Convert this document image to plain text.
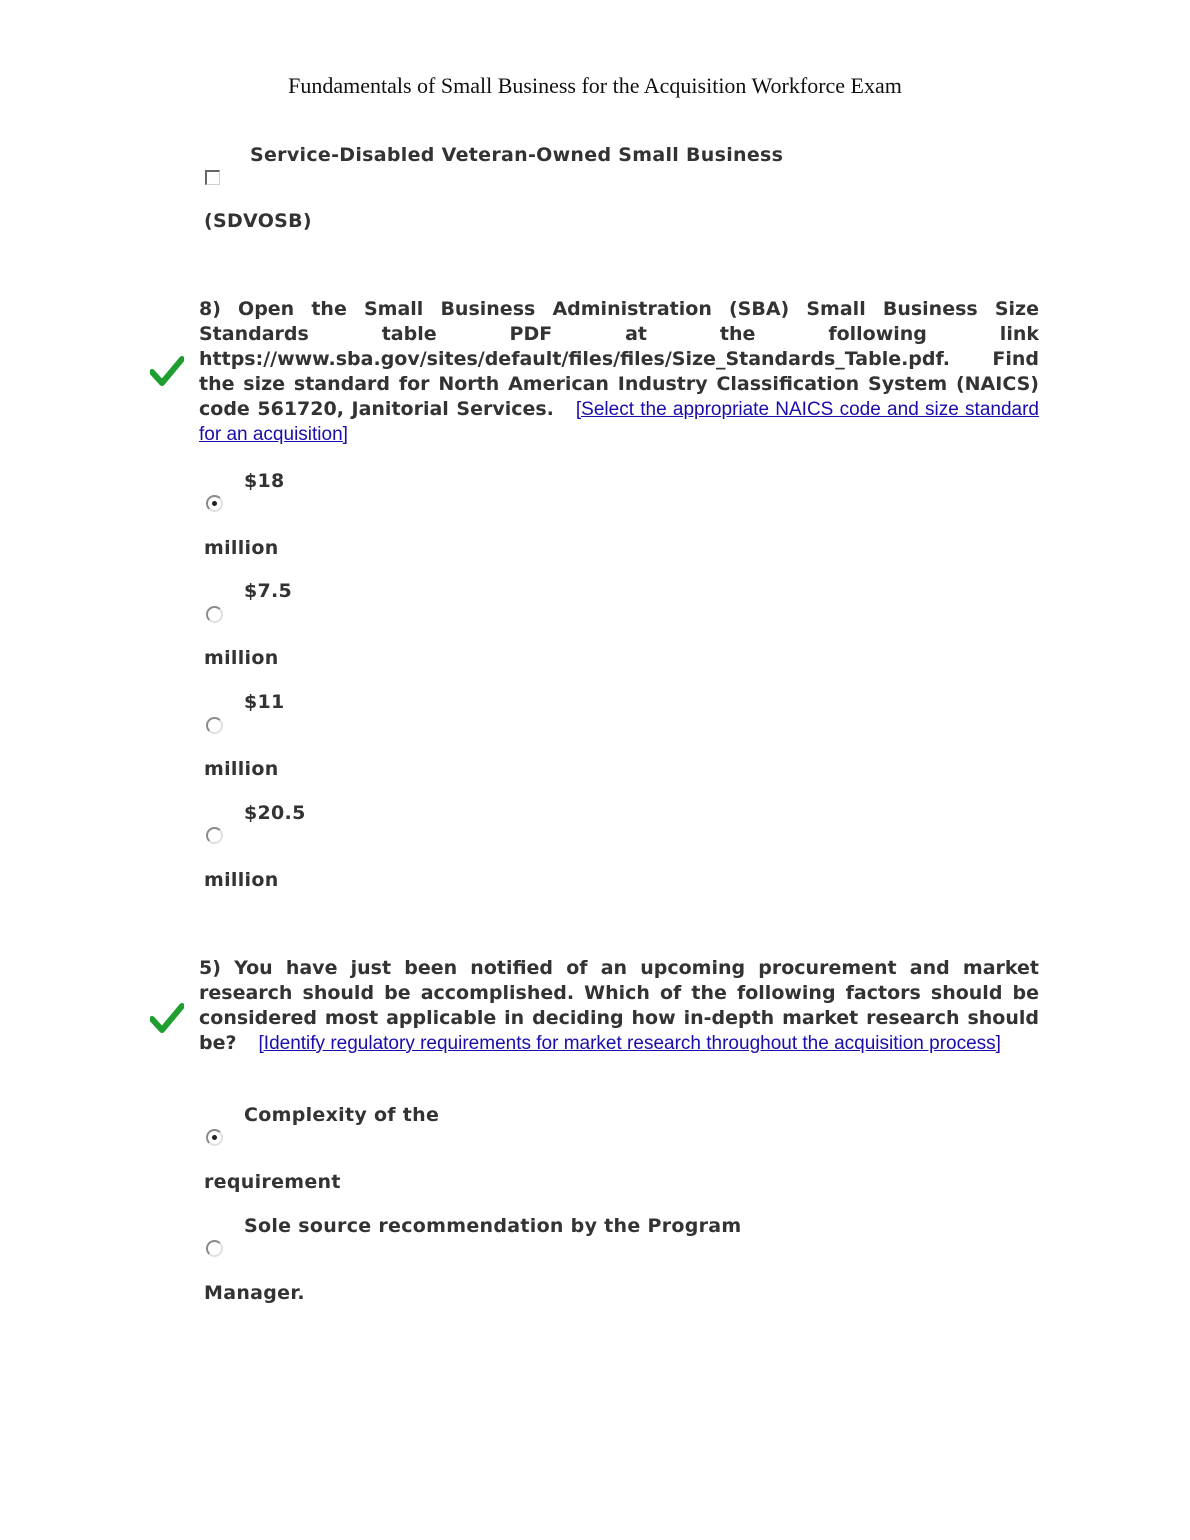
Fundamentals of Small Business for the Acquisition Workforce Exam
Service-Disabled Veteran-Owned Small Business
(SDVOSB)
8) Open the Small Business Administration (SBA) Small Business Size Standards table PDF at the following link https://www.sba.gov/sites/default/files/files/Size_Standards_Table.pdf. Find the size standard for North American Industry Classification System (NAICS) code 561720, Janitorial Services. [Select the appropriate NAICS code and size standard for an acquisition]
$18
million
$7.5
million
$11
million
$20.5
million
5) You have just been notified of an upcoming procurement and market research should be accomplished. Which of the following factors should be considered most applicable in deciding how in-depth market research should be? [Identify regulatory requirements for market research throughout the acquisition process]
Complexity of the
requirement
Sole source recommendation by the Program
Manager.
